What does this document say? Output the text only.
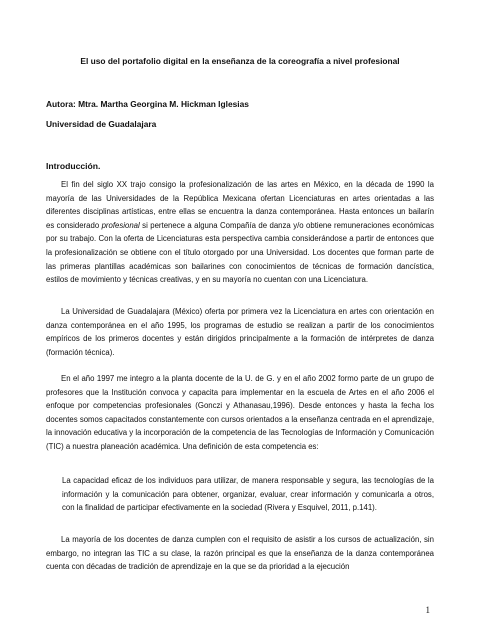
El uso del portafolio digital en la enseñanza de la coreografía a nivel profesional
Autora: Mtra. Martha Georgina M. Hickman Iglesias
Universidad de Guadalajara
Introducción.

El fin del siglo XX trajo consigo la profesionalización de las artes en México, en la década de 1990 la mayoría de las Universidades de la República Mexicana ofertan Licenciaturas en artes orientadas a las diferentes disciplinas artísticas, entre ellas se encuentra la danza contemporánea. Hasta entonces un bailarín es considerado profesional si pertenece a alguna Compañía de danza y/o obtiene remuneraciones económicas por su trabajo. Con la oferta de Licenciaturas esta perspectiva cambia considerándose a partir de entonces que la profesionalización se obtiene con el título otorgado por una Universidad. Los docentes que forman parte de las primeras plantillas académicas son bailarines con conocimientos de técnicas de formación dancística, estilos de movimiento y técnicas creativas, y en su mayoría no cuentan con una Licenciatura.

La Universidad de Guadalajara (México) oferta por primera vez la Licenciatura en artes con orientación en danza contemporánea en el año 1995, los programas de estudio se realizan a partir de los conocimientos empíricos de los primeros docentes y están dirigidos principalmente a la formación de intérpretes de danza (formación técnica).

En el año 1997 me integro a la planta docente de la U. de G. y en el año 2002 formo parte de un grupo de profesores que la Institución convoca y capacita para implementar en la escuela de Artes en el año 2006 el enfoque por competencias profesionales (Gonczi y Athanasau,1996). Desde entonces y hasta la fecha los docentes somos capacitados constantemente con cursos orientados a la enseñanza centrada en el aprendizaje, la innovación educativa y la incorporación de la competencia de las Tecnologías de Información y Comunicación (TIC) a nuestra planeación académica. Una definición de esta competencia es:

La capacidad eficaz de los individuos para utilizar, de manera responsable y segura, las tecnologías de la información y la comunicación para obtener, organizar, evaluar, crear información y comunicarla a otros, con la finalidad de participar efectivamente en la sociedad (Rivera y Esquivel, 2011, p.141).

La mayoría de los docentes de danza cumplen con el requisito de asistir a los cursos de actualización, sin embargo, no integran las TIC a su clase, la razón principal es que la enseñanza de la danza contemporánea cuenta con décadas de tradición de aprendizaje en la que se da prioridad a la ejecución

1
